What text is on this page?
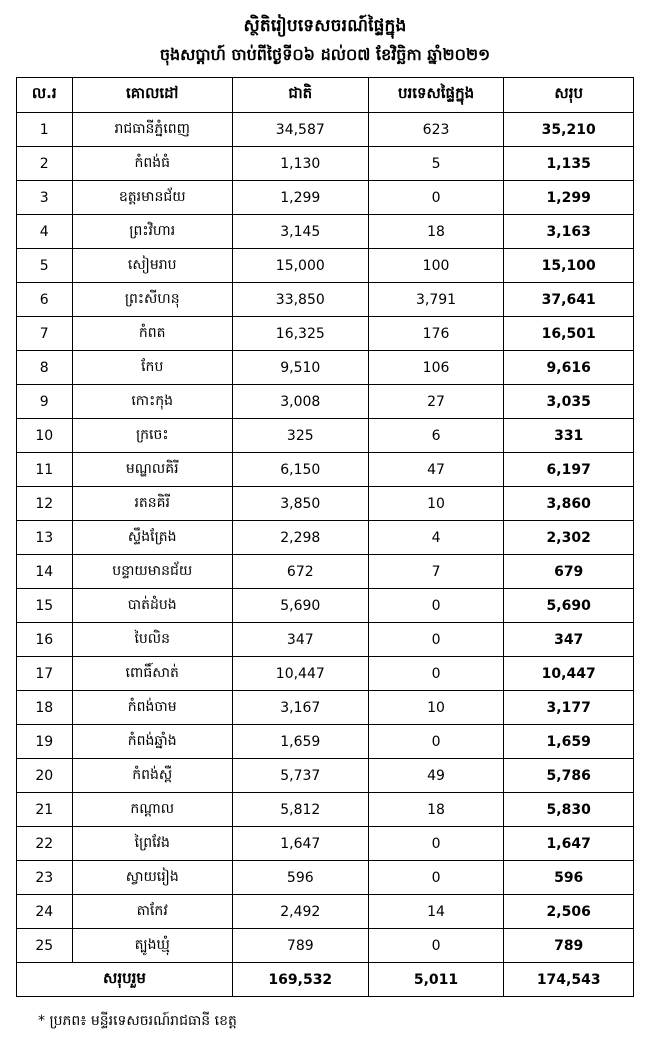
ស្ថិតិរៀបទេសចរណ៍ផ្ទៃក្នុង
ចុងសប្តាហ៍ ចាប់ពីថ្ងៃទី០៦ ដល់០៧ ខែវិច្ឆិកា ឆ្នាំ២០២១
ល.រ	គោលដៅ	ជាតិ	បរទេសផ្ទៃក្នុង	សរុប
1	រាជធានីភ្នំពេញ	34,587	623	35,210
2	កំពង់ធំ	1,130	5	1,135
3	ឧត្តរមានជ័យ	1,299	0	1,299
4	ព្រះវិហារ	3,145	18	3,163
5	សៀមរាប	15,000	100	15,100
6	ព្រះសីហនុ	33,850	3,791	37,641
7	កំពត	16,325	176	16,501
8	កែប	9,510	106	9,616
9	កោះកុង	3,008	27	3,035
10	ក្រចេះ	325	6	331
11	មណ្ឌលគិរី	6,150	47	6,197
12	រតនគិរី	3,850	10	3,860
13	ស្ទឹងត្រែង	2,298	4	2,302
14	បន្ទាយមានជ័យ	672	7	679
15	បាត់ដំបង	5,690	0	5,690
16	បៃលិន	347	0	347
17	ពោធិ៍សាត់	10,447	0	10,447
18	កំពង់ចាម	3,167	10	3,177
19	កំពង់ឆ្នាំង	1,659	0	1,659
20	កំពង់ស្ពឺ	5,737	49	5,786
21	កណ្តាល	5,812	18	5,830
22	ព្រៃវែង	1,647	0	1,647
23	ស្វាយរៀង	596	0	596
24	តាកែវ	2,492	14	2,506
25	ត្បូងឃ្មុំ	789	0	789
សរុបរួម		169,532	5,011	174,543
* ប្រភព៖ មន្ទីរទេសចរណ៍រាជធានី ខេត្ត
